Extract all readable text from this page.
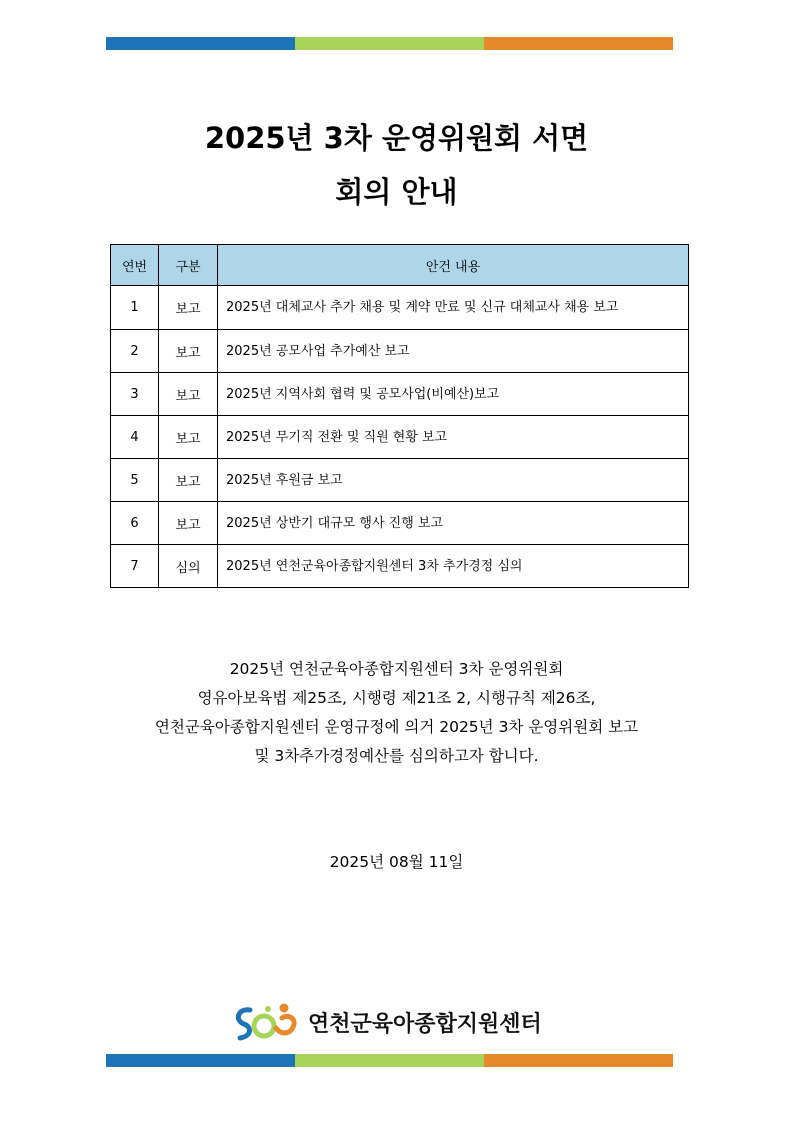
2025년 3차 운영위원회 서면
회의 안내
연번	구분	안건 내용
1	보고	2025년 대체교사 추가 채용 및 계약 만료 및 신규 대체교사 채용 보고
2	보고	2025년 공모사업 추가예산 보고
3	보고	2025년 지역사회 협력 및 공모사업(비예산)보고
4	보고	2025년 무기직 전환 및 직원 현황 보고
5	보고	2025년 후원금 보고
6	보고	2025년 상반기 대규모 행사 진행 보고
7	심의	2025년 연천군육아종합지원센터 3차 추가경정 심의
2025년 연천군육아종합지원센터 3차 운영위원회
영유아보육법 제25조, 시행령 제21조 2, 시행규칙 제26조,
연천군육아종합지원센터 운영규정에 의거 2025년 3차 운영위원회 보고
및 3차추가경정예산를 심의하고자 합니다.
2025년 08월 11일
연천군육아종합지원센터
